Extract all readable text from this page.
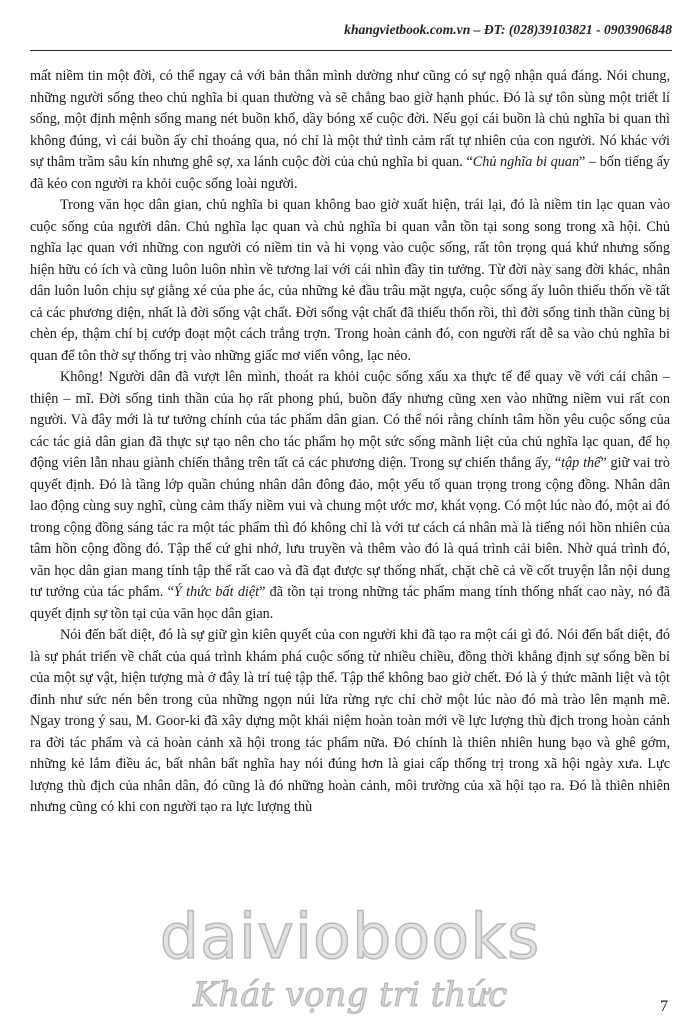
khangvietbook.com.vn – ĐT: (028)39103821 - 0903906848

mất niềm tin một đời, có thể ngay cả với bản thân mình dường như cũng có sự ngộ nhận quá đáng. Nói chung, những người sống theo chủ nghĩa bi quan thường và sẽ chẳng bao giờ hạnh phúc. Đó là sự tôn sùng một triết lí sống, một định mệnh sống mang nét buồn khổ, dầy bóng xế cuộc đời. Nếu gọi cái buồn là chủ nghĩa bi quan thì không đúng, vì cái buồn ấy chỉ thoáng qua, nó chỉ là một thứ tình cảm rất tự nhiên của con người. Nó khác với sự thâm trầm sâu kín nhưng ghê sợ, xa lánh cuộc đời của chủ nghĩa bi quan. “Chủ nghĩa bi quan” – bốn tiếng ấy đã kéo con người ra khỏi cuộc sống loài người.

Trong văn học dân gian, chủ nghĩa bi quan không bao giờ xuất hiện, trái lại, đó là niềm tin lạc quan vào cuộc sống của người dân. Chủ nghĩa lạc quan và chủ nghĩa bi quan vẫn tồn tại song song trong xã hội. Chủ nghĩa lạc quan với những con người có niềm tin và hi vọng vào cuộc sống, rất tôn trọng quá khứ nhưng sống hiện hữu có ích và cũng luôn luôn nhìn về tương lai với cái nhìn đầy tin tưởng. Từ đời này sang đời khác, nhân dân luôn luôn chịu sự giằng xé của phe ác, của những kẻ đầu trâu mặt ngựa, cuộc sống ấy luôn thiếu thốn về tất cả các phương diện, nhất là đời sống vật chất. Đời sống vật chất đã thiếu thốn rồi, thì đời sống tinh thần cũng bị chèn ép, thậm chí bị cướp đoạt một cách trắng trợn. Trong hoàn cảnh đó, con người rất dễ sa vào chủ nghĩa bi quan để tôn thờ sự thống trị vào những giấc mơ viển vông, lạc nẻo.

Không! Người dân đã vượt lên mình, thoát ra khỏi cuộc sống xấu xa thực tế để quay về với cái chân – thiện – mĩ. Đời sống tinh thần của họ rất phong phú, buồn đấy nhưng cũng xen vào những niềm vui rất con người. Và đây mới là tư tưởng chính của tác phẩm dân gian. Có thể nói rằng chính tâm hồn yêu cuộc sống của các tác giả dân gian đã thực sự tạo nên cho tác phẩm họ một sức sống mãnh liệt của chủ nghĩa lạc quan, để họ động viên lẫn nhau giành chiến thắng trên tất cả các phương diện. Trong sự chiến thắng ấy, “tập thể” giữ vai trò quyết định. Đó là tầng lớp quần chúng nhân dân đông đảo, một yếu tố quan trọng trong cộng đồng. Nhân dân lao động cùng suy nghĩ, cùng cảm thấy niềm vui và chung một ước mơ, khát vọng. Có một lúc nào đó, một ai đó trong cộng đồng sáng tác ra một tác phẩm thì đó không chỉ là với tư cách cá nhân mà là tiếng nói hồn nhiên của tâm hồn cộng đồng đó. Tập thể cứ ghi nhớ, lưu truyền và thêm vào đó là quá trình cải biên. Nhờ quá trình đó, văn học dân gian mang tính tập thể rất cao và đã đạt được sự thống nhất, chặt chẽ cả về cốt truyện lẫn nội dung tư tưởng của tác phẩm. “Ý thức bất diệt” đã tồn tại trong những tác phẩm mang tính thống nhất cao này, nó đã quyết định sự tồn tại của văn học dân gian.

Nói đến bất diệt, đó là sự giữ gìn kiên quyết của con người khi đã tạo ra một cái gì đó. Nói đến bất diệt, đó là sự phát triển về chất của quá trình khám phá cuộc sống từ nhiều chiều, đồng thời khẳng định sự sống bền bỉ của một sự vật, hiện tượng mà ở đây là trí tuệ tập thể. Tập thể không bao giờ chết. Đó là ý thức mãnh liệt và tột đỉnh như sức nén bên trong của những ngọn núi lửa rừng rực chỉ chờ một lúc nào đó mà trào lên mạnh mẽ. Ngay trong ý sau, M. Goor-ki đã xây dựng một khái niệm hoàn toàn mới về lực lượng thù địch trong hoàn cảnh ra đời tác phẩm và cả hoàn cảnh xã hội trong tác phẩm nữa. Đó chính là thiên nhiên hung bạo và ghê gớm, những kẻ lắm điều ác, bất nhân bất nghĩa hay nói đúng hơn là giai cấp thống trị trong xã hội ngày xưa. Lực lượng thù địch của nhân dân, đó cũng là đó những hoàn cảnh, môi trường của xã hội tạo ra. Đó là thiên nhiên nhưng cũng có khi con người tạo ra lực lượng thù

daiviobooks
Khát vọng tri thức	7
